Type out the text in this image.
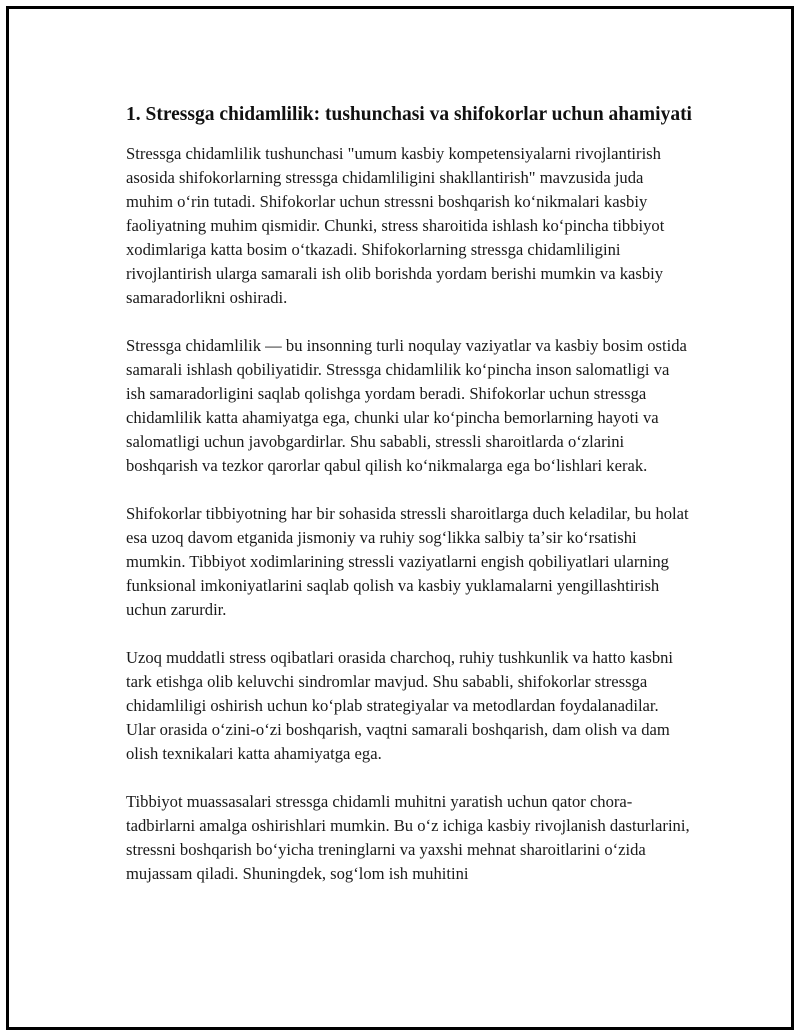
1. Stressga chidamlilik: tushunchasi va shifokorlar uchun ahamiyati

Stressga chidamlilik tushunchasi "umum kasbiy kompetensiyalarni rivojlantirish asosida shifokorlarning stressga chidamliligini shakllantirish" mavzusida juda muhim oʻrin tutadi. Shifokorlar uchun stressni boshqarish koʻnikmalari kasbiy faoliyatning muhim qismidir. Chunki, stress sharoitida ishlash koʻpincha tibbiyot xodimlariga katta bosim oʻtkazadi. Shifokorlarning stressga chidamliligini rivojlantirish ularga samarali ish olib borishda yordam berishi mumkin va kasbiy samaradorlikni oshiradi.

Stressga chidamlilik — bu insonning turli noqulay vaziyatlar va kasbiy bosim ostida samarali ishlash qobiliyatidir. Stressga chidamlilik koʻpincha inson salomatligi va ish samaradorligini saqlab qolishga yordam beradi. Shifokorlar uchun stressga chidamlilik katta ahamiyatga ega, chunki ular koʻpincha bemorlarning hayoti va salomatligi uchun javobgardirlar. Shu sababli, stressli sharoitlarda oʻzlarini boshqarish va tezkor qarorlar qabul qilish koʻnikmalarga ega boʻlishlari kerak.

Shifokorlar tibbiyotning har bir sohasida stressli sharoitlarga duch keladilar, bu holat esa uzoq davom etganida jismoniy va ruhiy sogʻlikka salbiy taʼsir koʻrsatishi mumkin. Tibbiyot xodimlarining stressli vaziyatlarni engish qobiliyatlari ularning funksional imkoniyatlarini saqlab qolish va kasbiy yuklamalarni yengillashtirish uchun zarurdir.

Uzoq muddatli stress oqibatlari orasida charchoq, ruhiy tushkunlik va hatto kasbni tark etishga olib keluvchi sindromlar mavjud. Shu sababli, shifokorlar stressga chidamliligi oshirish uchun koʻplab strategiyalar va metodlardan foydalanadilar. Ular orasida oʻzini-oʻzi boshqarish, vaqtni samarali boshqarish, dam olish va dam olish texnikalari katta ahamiyatga ega.

Tibbiyot muassasalari stressga chidamli muhitni yaratish uchun qator chora-tadbirlarni amalga oshirishlari mumkin. Bu oʻz ichiga kasbiy rivojlanish dasturlarini, stressni boshqarish boʻyicha treninglarni va yaxshi mehnat sharoitlarini oʻzida mujassam qiladi. Shuningdek, sogʻlom ish muhitini
